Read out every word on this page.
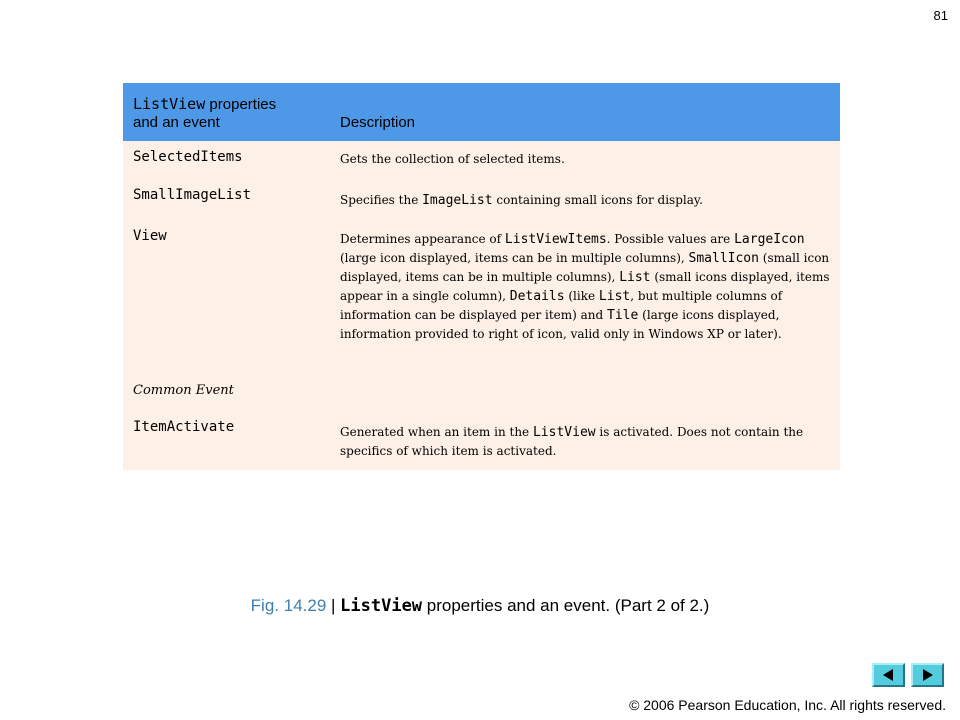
81
ListView properties
and an event	Description
SelectedItems	Gets the collection of selected items.
SmallImageList	Specifies the ImageList containing small icons for display.
View	Determines appearance of ListViewItems. Possible values are LargeIcon (large icon displayed, items can be in multiple columns), SmallIcon (small icon displayed, items can be in multiple columns), List (small icons displayed, items appear in a single column), Details (like List, but multiple columns of information can be displayed per item) and Tile (large icons displayed, information provided to right of icon, valid only in Windows XP or later).
Common Event
ItemActivate	Generated when an item in the ListView is activated. Does not contain the specifics of which item is activated.
Fig. 14.29 | ListView properties and an event. (Part 2 of 2.)
© 2006 Pearson Education, Inc. All rights reserved.
